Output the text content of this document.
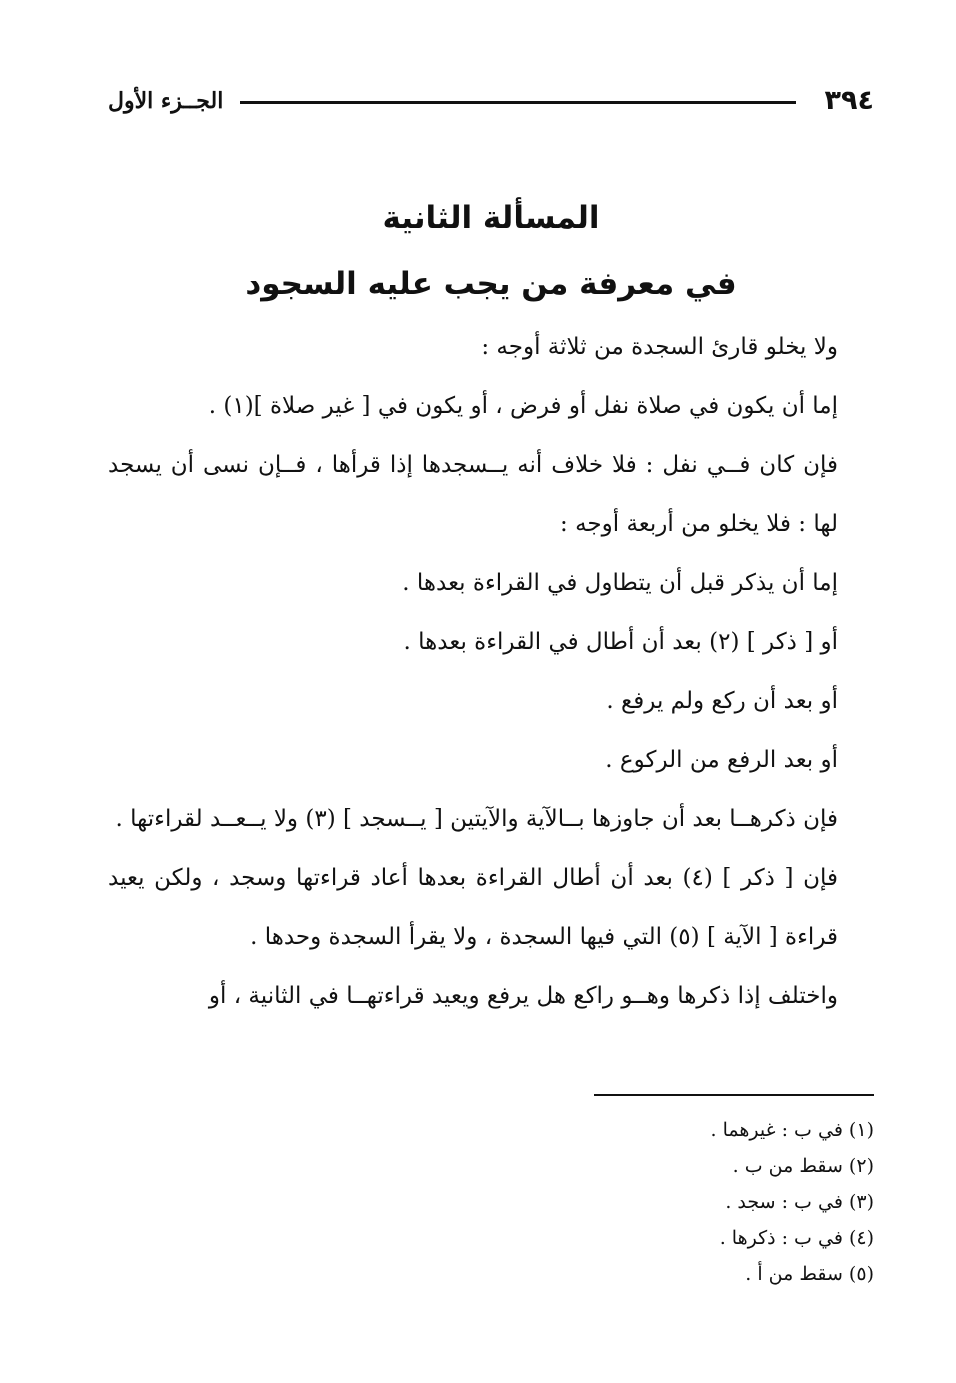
٣٩٤
الجــزء الأول
المسألة الثانية
في معرفة من يجب عليه السجود

ولا يخلو قارئ السجدة من ثلاثة أوجه :

إما أن يكون في صلاة نفل أو فرض ، أو يكون في [ غير صلاة ](١) .

فإن كان فــي نفل : فلا خلاف أنه يــسجدها إذا قرأها ، فــإن نسى أن يسجد لها : فلا يخلو من أربعة أوجه :

إما أن يذكر قبل أن يتطاول في القراءة بعدها .

أو [ ذكر ] (٢) بعد أن أطال في القراءة بعدها .

أو بعد أن ركع ولم يرفع .

أو بعد الرفع من الركوع .

فإن ذكرهــا بعد أن جاوزها بــالآية والآيتين [ يــسجد ] (٣) ولا يــعــد لقراءتها .

فإن [ ذكر ] (٤) بعد أن أطال القراءة بعدها أعاد قراءتها وسجد ، ولكن يعيد قراءة [ الآية ] (٥) التي فيها السجدة ، ولا يقرأ السجدة وحدها .

واختلف إذا ذكرها وهــو راكع هل يرفع ويعيد قراءتهــا في الثانية ، أو

(١) في ب : غيرهما .
(٢) سقط من ب .
(٣) في ب : سجد .
(٤) في ب : ذكرها .
(٥) سقط من أ .
